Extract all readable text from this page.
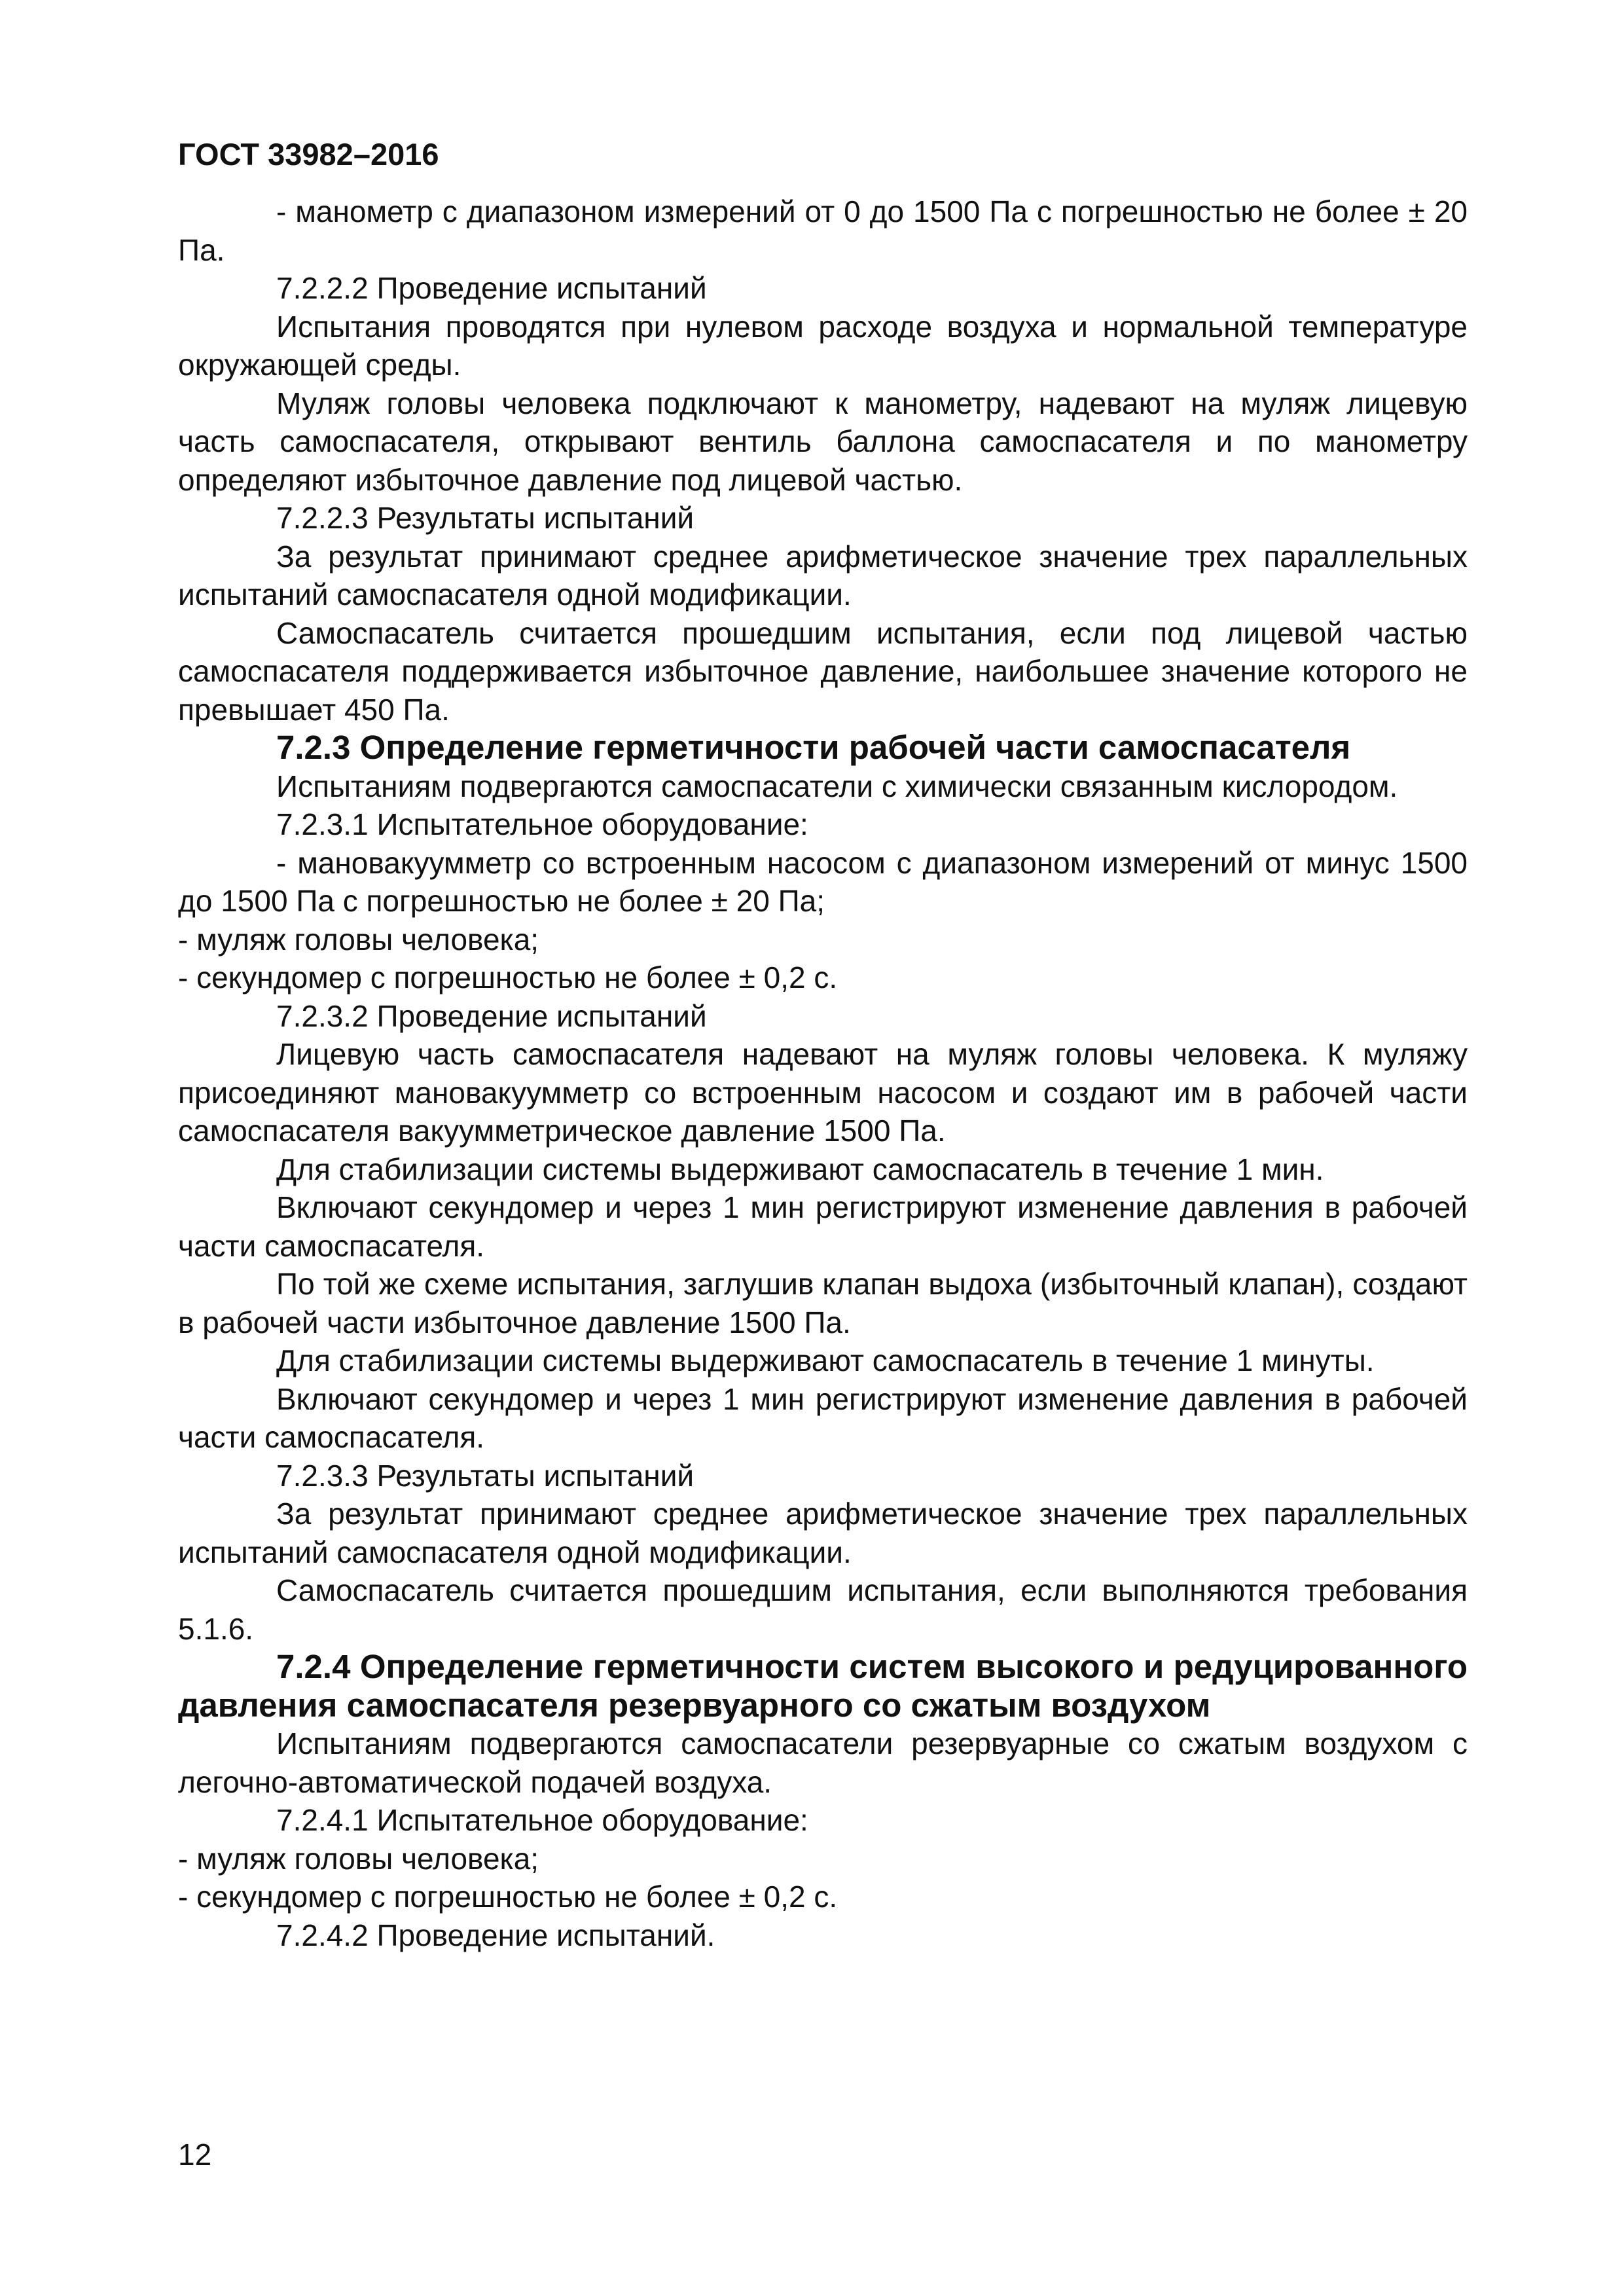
ГОСТ 33982–2016

- манометр с диапазоном измерений от 0 до 1500 Па с погрешностью не более ± 20 Па.

7.2.2.2 Проведение испытаний

Испытания проводятся при нулевом расходе воздуха и нормальной температуре окружающей среды.

Муляж головы человека подключают к манометру, надевают на муляж лицевую часть самоспасателя, открывают вентиль баллона самоспасателя и по манометру определяют избыточное давление под лицевой частью.

7.2.2.3 Результаты испытаний

За результат принимают среднее арифметическое значение трех параллельных испытаний самоспасателя одной модификации.

Самоспасатель считается прошедшим испытания, если под лицевой частью самоспасателя поддерживается избыточное давление, наибольшее значение которого не превышает 450 Па.

7.2.3 Определение герметичности рабочей части самоспасателя

Испытаниям подвергаются самоспасатели с химически связанным кислородом.

7.2.3.1 Испытательное оборудование:

- мановакуумметр со встроенным насосом с диапазоном измерений от минус 1500 до 1500 Па с погрешностью не более ± 20 Па;

- муляж головы человека;

- секундомер с погрешностью не более ± 0,2 с.

7.2.3.2 Проведение испытаний

Лицевую часть самоспасателя надевают на муляж головы человека. К муляжу присоединяют мановакуумметр со встроенным насосом и создают им в рабочей части самоспасателя вакуумметрическое давление 1500 Па.

Для стабилизации системы выдерживают самоспасатель в течение 1 мин.

Включают секундомер и через 1 мин регистрируют изменение давления в рабочей части самоспасателя.

По той же схеме испытания, заглушив клапан выдоха (избыточный клапан), создают в рабочей части избыточное давление 1500 Па.

Для стабилизации системы выдерживают самоспасатель в течение 1 минуты.

Включают секундомер и через 1 мин регистрируют изменение давления в рабочей части самоспасателя.

7.2.3.3 Результаты испытаний

За результат принимают среднее арифметическое значение трех параллельных испытаний самоспасателя одной модификации.

Самоспасатель считается прошедшим испытания, если выполняются требования 5.1.6.

7.2.4 Определение герметичности систем высокого и редуцированного давления самоспасателя резервуарного со сжатым воздухом

Испытаниям подвергаются самоспасатели резервуарные со сжатым воздухом с легочно-автоматической подачей воздуха.

7.2.4.1 Испытательное оборудование:

- муляж головы человека;

- секундомер с погрешностью не более ± 0,2 с.

7.2.4.2 Проведение испытаний.

12
